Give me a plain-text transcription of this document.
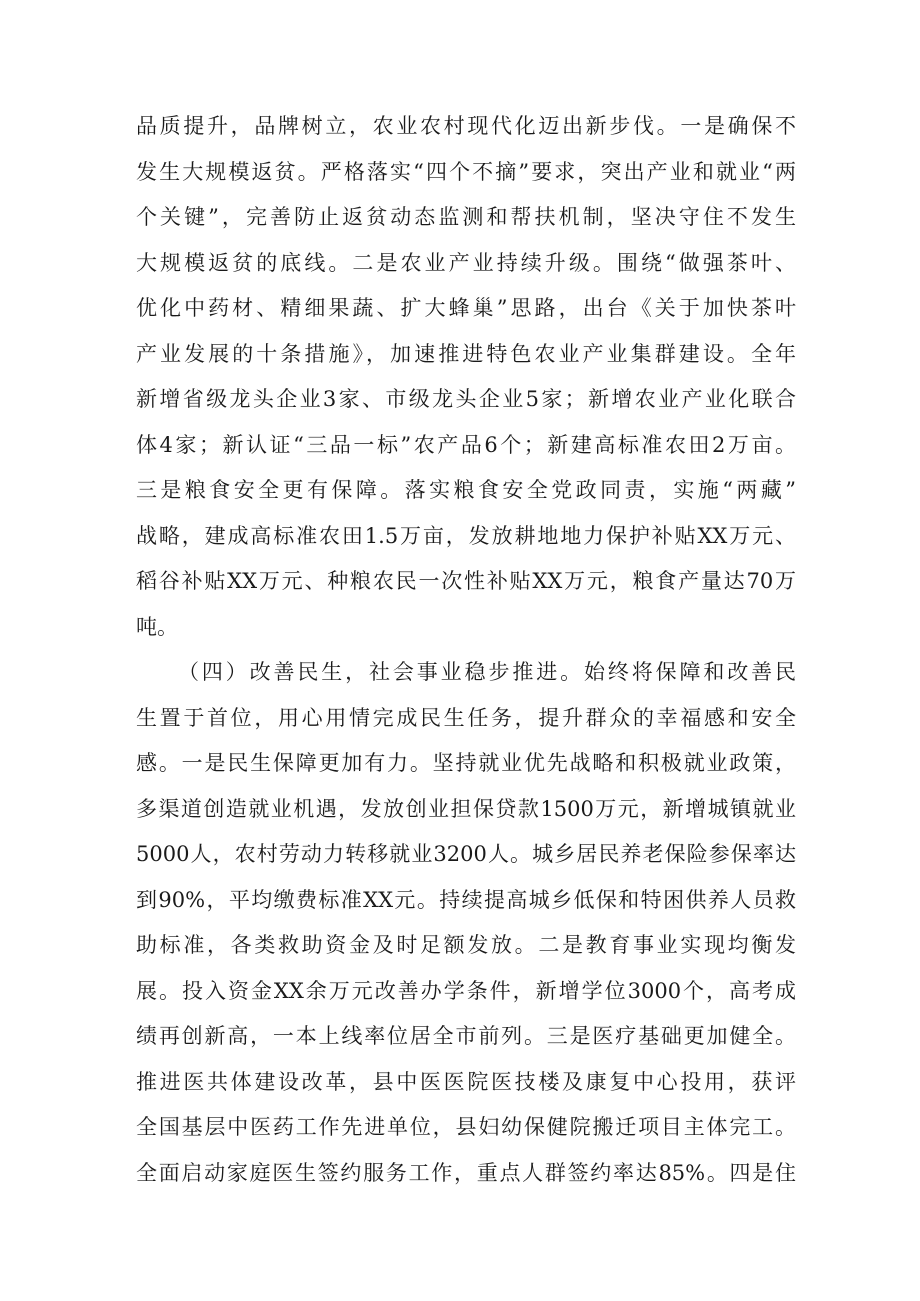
品质提升，品牌树立，农业农村现代化迈出新步伐。一是确保不
发生大规模返贫。严格落实“四个不摘”要求，突出产业和就业“两
个关键”，完善防止返贫动态监测和帮扶机制，坚决守住不发生
大规模返贫的底线。二是农业产业持续升级。围绕“做强茶叶、
优化中药材、精细果蔬、扩大蜂巢”思路，出台《关于加快茶叶
产业发展的十条措施》，加速推进特色农业产业集群建设。全年
新增省级龙头企业3家、市级龙头企业5家；新增农业产业化联合
体4家；新认证“三品一标”农产品6个；新建高标准农田2万亩。
三是粮食安全更有保障。落实粮食安全党政同责，实施“两藏”
战略，建成高标准农田1.5万亩，发放耕地地力保护补贴XX万元、
稻谷补贴XX万元、种粮农民一次性补贴XX万元，粮食产量达70万
吨。
（四）改善民生，社会事业稳步推进。始终将保障和改善民
生置于首位，用心用情完成民生任务，提升群众的幸福感和安全
感。一是民生保障更加有力。坚持就业优先战略和积极就业政策，
多渠道创造就业机遇，发放创业担保贷款1500万元，新增城镇就业
5000人，农村劳动力转移就业3200人。城乡居民养老保险参保率达
到90%，平均缴费标准XX元。持续提高城乡低保和特困供养人员救
助标准，各类救助资金及时足额发放。二是教育事业实现均衡发
展。投入资金XX余万元改善办学条件，新增学位3000个，高考成
绩再创新高，一本上线率位居全市前列。三是医疗基础更加健全。
推进医共体建设改革，县中医医院医技楼及康复中心投用，获评
全国基层中医药工作先进单位，县妇幼保健院搬迁项目主体完工。
全面启动家庭医生签约服务工作，重点人群签约率达85%。四是住
